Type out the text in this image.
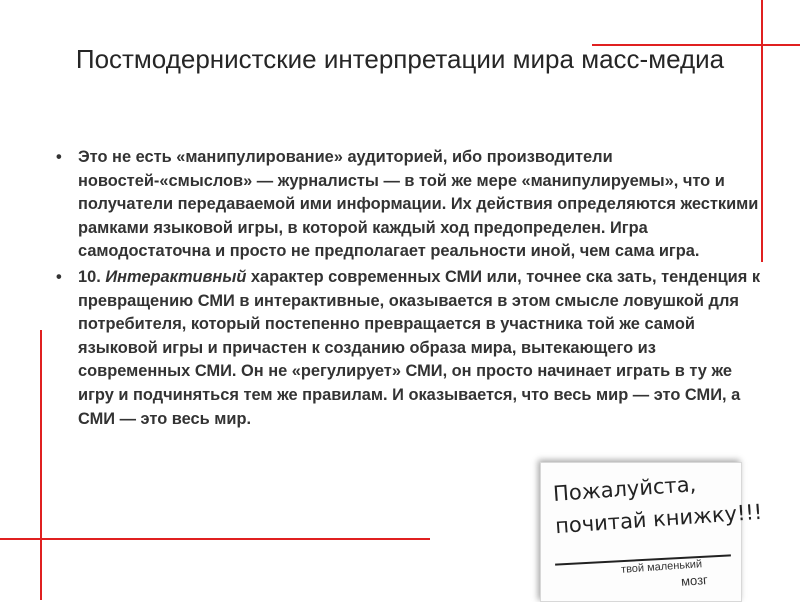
Постмодернистские интерпретации мира масс-медиа
• Это не есть «манипулирование» аудиторией, ибо производители новостей-«смыслов» — журналисты — в той же мере «манипулируемы», что и получатели передаваемой ими информации. Их действия определяются жесткими рамками языковой игры, в которой каждый ход предопределен. Игра самодостаточна и просто не предполагает реальности иной, чем сама игра.
• 10. Интерактивный характер современных СМИ или, точнее ска зать, тенденция к превращению СМИ в интерактивные, оказывается в этом смысле ловушкой для потребителя, который постепенно превращается в участника той же самой языковой игры и причастен к созданию образа мира, вытекающего из современных СМИ. Он не «регулирует» СМИ, он просто начинает играть в ту же игру и подчиняться тем же правилам. И оказывается, что весь мир — это СМИ, а СМИ — это весь мир.
Пожалуйста,
почитай книжку!!!
твой маленький
мозг
